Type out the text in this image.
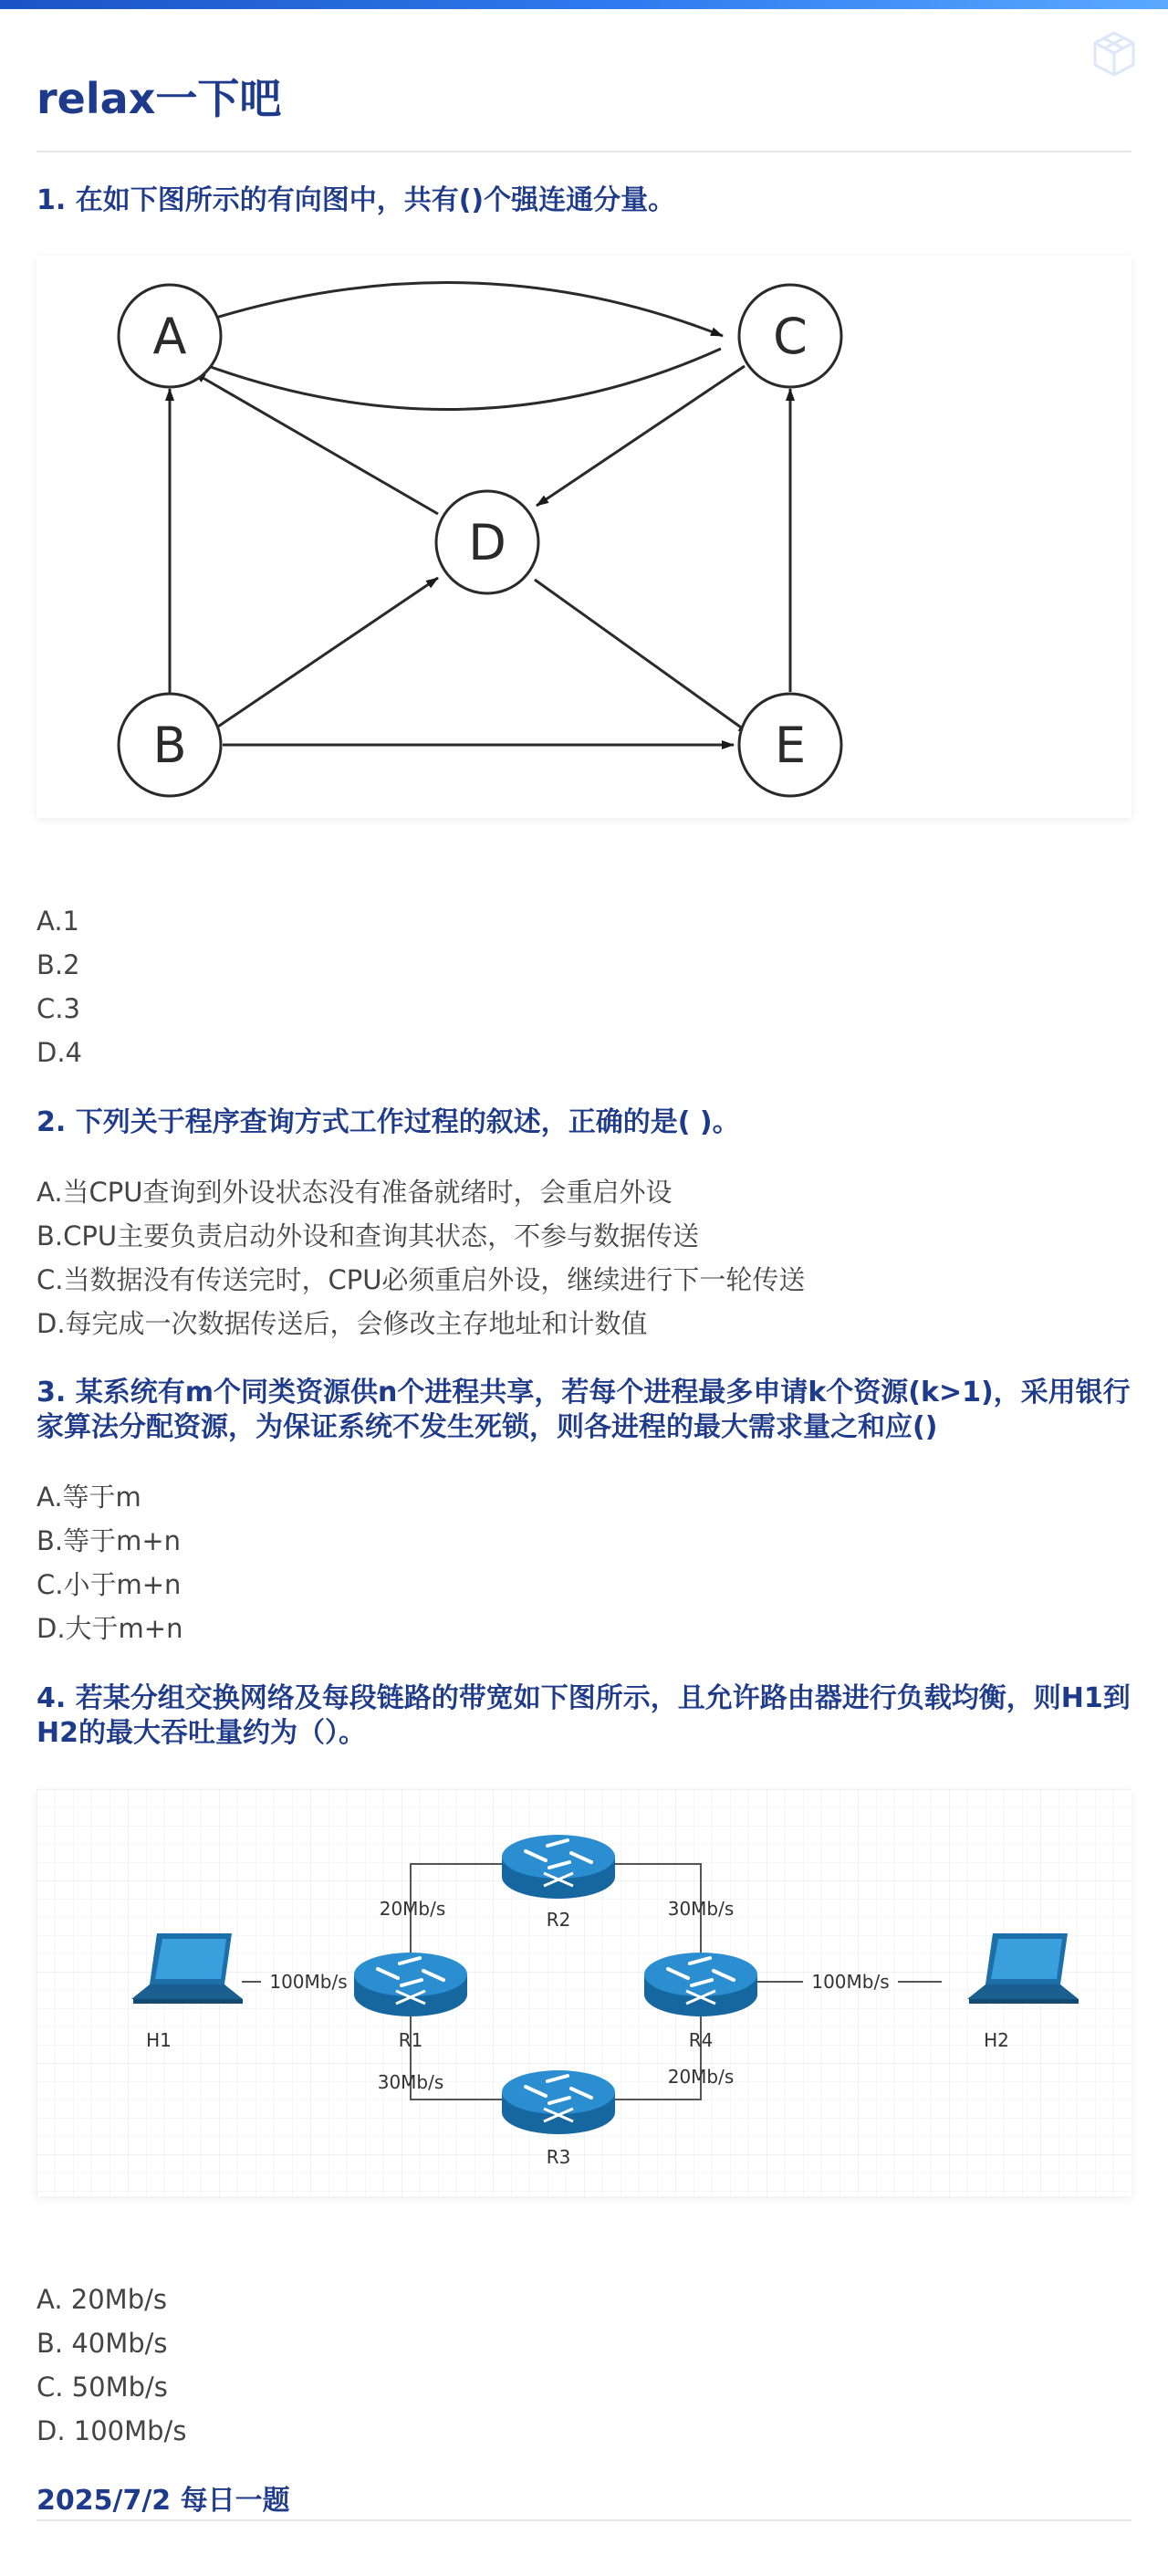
relax一下吧

1. 在如下图所示的有向图中，共有()个强连通分量。

A
B
C
D
E
A.1
B.2
C.3
D.4

2. 下列关于程序查询方式工作过程的叙述，正确的是( )。

A.当CPU查询到外设状态没有准备就绪时，会重启外设
B.CPU主要负责启动外设和查询其状态，不参与数据传送
C.当数据没有传送完时，CPU必须重启外设，继续进行下一轮传送
D.每完成一次数据传送后，会修改主存地址和计数值

3. 某系统有m个同类资源供n个进程共享，若每个进程最多申请k个资源(k>1)，采用银行家算法分配资源，为保证系统不发生死锁，则各进程的最大需求量之和应()

A.等于m
B.等于m+n
C.小于m+n
D.大于m+n

4. 若某分组交换网络及每段链路的带宽如下图所示，且允许路由器进行负载均衡，则H1到H2的最大吞吐量约为（）。

100Mb/s
20Mb/s	30Mb/s
30Mb/s	20Mb/s
100Mb/s
H1	H2
R1
R2
R3
R4
A. 20Mb/s
B. 40Mb/s
C. 50Mb/s
D. 100Mb/s

2025/7/2 每日一题
